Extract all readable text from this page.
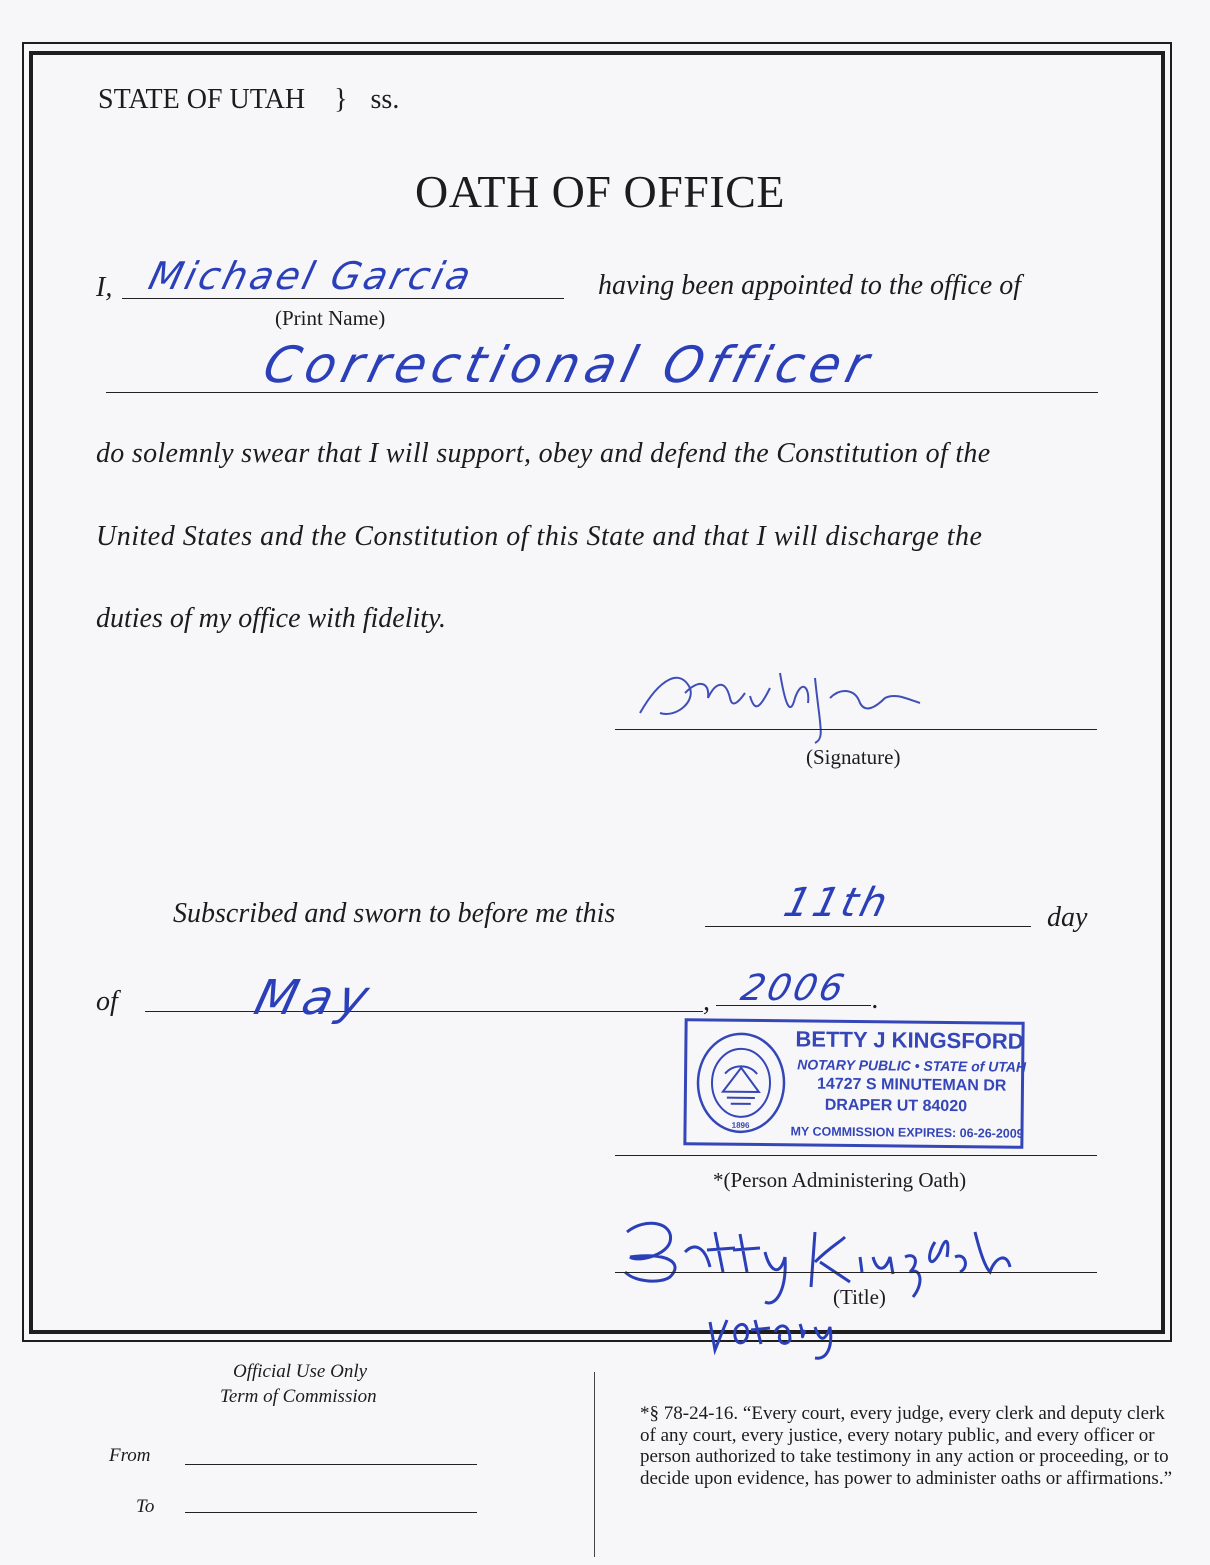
STATE OF UTAH } ss.
OATH OF OFFICE
I, Michael Garcia
(Print Name)
having been appointed to the office of
Correctional Officer
do solemnly swear that I will support, obey and defend the Constitution of the
United States and the Constitution of this State and that I will discharge the
duties of my office with fidelity.
(Signature)
Subscribed and sworn to before me this	11th	day
of	May	, 2006 .
1896
BETTY J KINGSFORD
NOTARY PUBLIC • STATE of UTAH
14727 S MINUTEMAN DR
DRAPER UT 84020
MY COMMISSION EXPIRES: 06-26-2009
*(Person Administering Oath)
(Title)
Official Use Only
Term of Commission
From
To
*§ 78-24-16. “Every court, every judge, every clerk and deputy clerk of any court, every justice, every notary public, and every officer or person authorized to take testimony in any action or proceeding, or to decide upon evidence, has power to administer oaths or affirmations.”
